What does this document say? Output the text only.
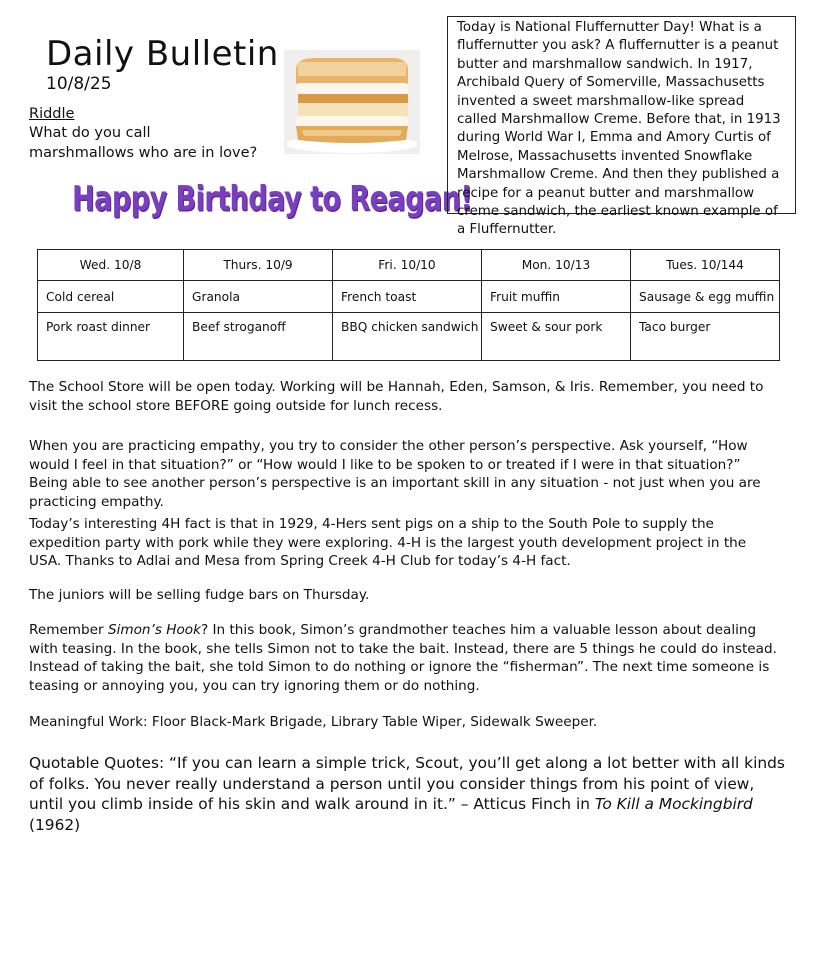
Daily Bulletin
10/8/25
Riddle
What do you call marshmallows who are in love?
Happy Birthday to Reagan!
Today is National Fluffernutter Day! What is a fluffernutter you ask? A fluffernutter is a peanut butter and marshmallow sandwich. In 1917, Archibald Query of Somerville, Massachusetts invented a sweet marshmallow-like spread called Marshmallow Creme. Before that, in 1913 during World War I, Emma and Amory Curtis of Melrose, Massachusetts invented Snowflake Marshmallow Creme. And then they published a recipe for a peanut butter and marshmallow creme sandwich, the earliest known example of a Fluffernutter.
Wed. 10/8	Thurs. 10/9	Fri. 10/10	Mon. 10/13	Tues. 10/144
Cold cereal	Granola	French toast	Fruit muffin	Sausage & egg muffin
Pork roast dinner	Beef stroganoff	BBQ chicken sandwich	Sweet & sour pork	Taco burger
The School Store will be open today. Working will be Hannah, Eden, Samson, & Iris. Remember, you need to visit the school store BEFORE going outside for lunch recess.
When you are practicing empathy, you try to consider the other person’s perspective. Ask yourself, “How would I feel in that situation?” or “How would I like to be spoken to or treated if I were in that situation?” Being able to see another person’s perspective is an important skill in any situation - not just when you are practicing empathy.
Today’s interesting 4H fact is that in 1929, 4-Hers sent pigs on a ship to the South Pole to supply the expedition party with pork while they were exploring. 4-H is the largest youth development project in the USA. Thanks to Adlai and Mesa from Spring Creek 4-H Club for today’s 4-H fact.
The juniors will be selling fudge bars on Thursday.
Remember Simon’s Hook? In this book, Simon’s grandmother teaches him a valuable lesson about dealing with teasing. In the book, she tells Simon not to take the bait. Instead, there are 5 things he could do instead. Instead of taking the bait, she told Simon to do nothing or ignore the “fisherman”. The next time someone is teasing or annoying you, you can try ignoring them or do nothing.
Meaningful Work: Floor Black-Mark Brigade, Library Table Wiper, Sidewalk Sweeper.
Quotable Quotes: “If you can learn a simple trick, Scout, you’ll get along a lot better with all kinds of folks. You never really understand a person until you consider things from his point of view, until you climb inside of his skin and walk around in it.” – Atticus Finch in To Kill a Mockingbird (1962)
